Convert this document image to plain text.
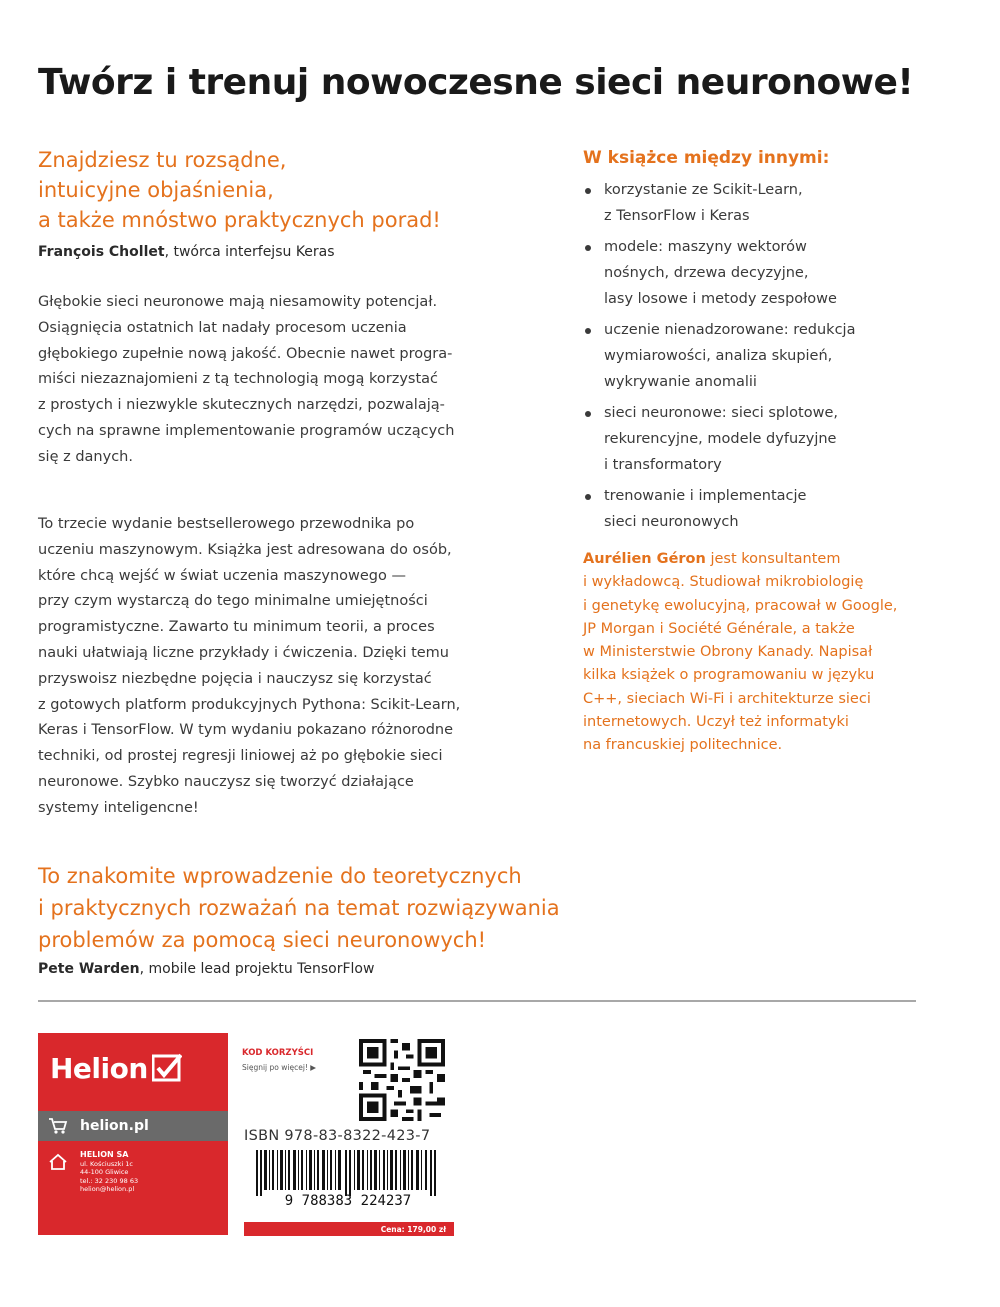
Twórz i trenuj nowoczesne sieci neuronowe!
Znajdziesz tu rozsądne,
intuicyjne objaśnienia,
a także mnóstwo praktycznych porad!
François Chollet, twórca interfejsu Keras
Głębokie sieci neuronowe mają niesamowity potencjał.
Osiągnięcia ostatnich lat nadały procesom uczenia
głębokiego zupełnie nową jakość. Obecnie nawet progra-
miści niezaznajomieni z tą technologią mogą korzystać
z prostych i niezwykle skutecznych narzędzi, pozwalają-
cych na sprawne implementowanie programów uczących
się z danych.
To trzecie wydanie bestsellerowego przewodnika po
uczeniu maszynowym. Książka jest adresowana do osób,
które chcą wejść w świat uczenia maszynowego —
przy czym wystarczą do tego minimalne umiejętności
programistyczne. Zawarto tu minimum teorii, a proces
nauki ułatwiają liczne przykłady i ćwiczenia. Dzięki temu
przyswoisz niezbędne pojęcia i nauczysz się korzystać
z gotowych platform produkcyjnych Pythona: Scikit-Learn,
Keras i TensorFlow. W tym wydaniu pokazano różnorodne
techniki, od prostej regresji liniowej aż po głębokie sieci
neuronowe. Szybko nauczysz się tworzyć działające
systemy inteligencne!
To znakomite wprowadzenie do teoretycznych
i praktycznych rozważań na temat rozwiązywania
problemów za pomocą sieci neuronowych!
Pete Warden, mobile lead projektu TensorFlow
W książce między innymi:
korzystanie ze Scikit-Learn,
z TensorFlow i Keras
modele: maszyny wektorów
nośnych, drzewa decyzyjne,
lasy losowe i metody zespołowe
uczenie nienadzorowane: redukcja
wymiarowości, analiza skupień,
wykrywanie anomalii
sieci neuronowe: sieci splotowe,
rekurencyjne, modele dyfuzyjne
i transformatory
trenowanie i implementacje
sieci neuronowych
Aurélien Géron jest konsultantem
i wykładowcą. Studiował mikrobiologię
i genetykę ewolucyjną, pracował w Google,
JP Morgan i Société Générale, a także
w Ministerstwie Obrony Kanady. Napisał
kilka książek o programowaniu w języku
C++, sieciach Wi-Fi i architekturze sieci
internetowych. Uczył też informatyki
na francuskiej politechnice.
Helion
helion.pl
HELION SA
ul. Kościuszki 1c
44-100 Gliwice
tel.: 32 230 98 63
helion@helion.pl
KOD KORZYŚCI
Sięgnij po więcej! ▶
ISBN 978-83-8322-423-7
9 788383 224237
Cena: 179,00 zł
